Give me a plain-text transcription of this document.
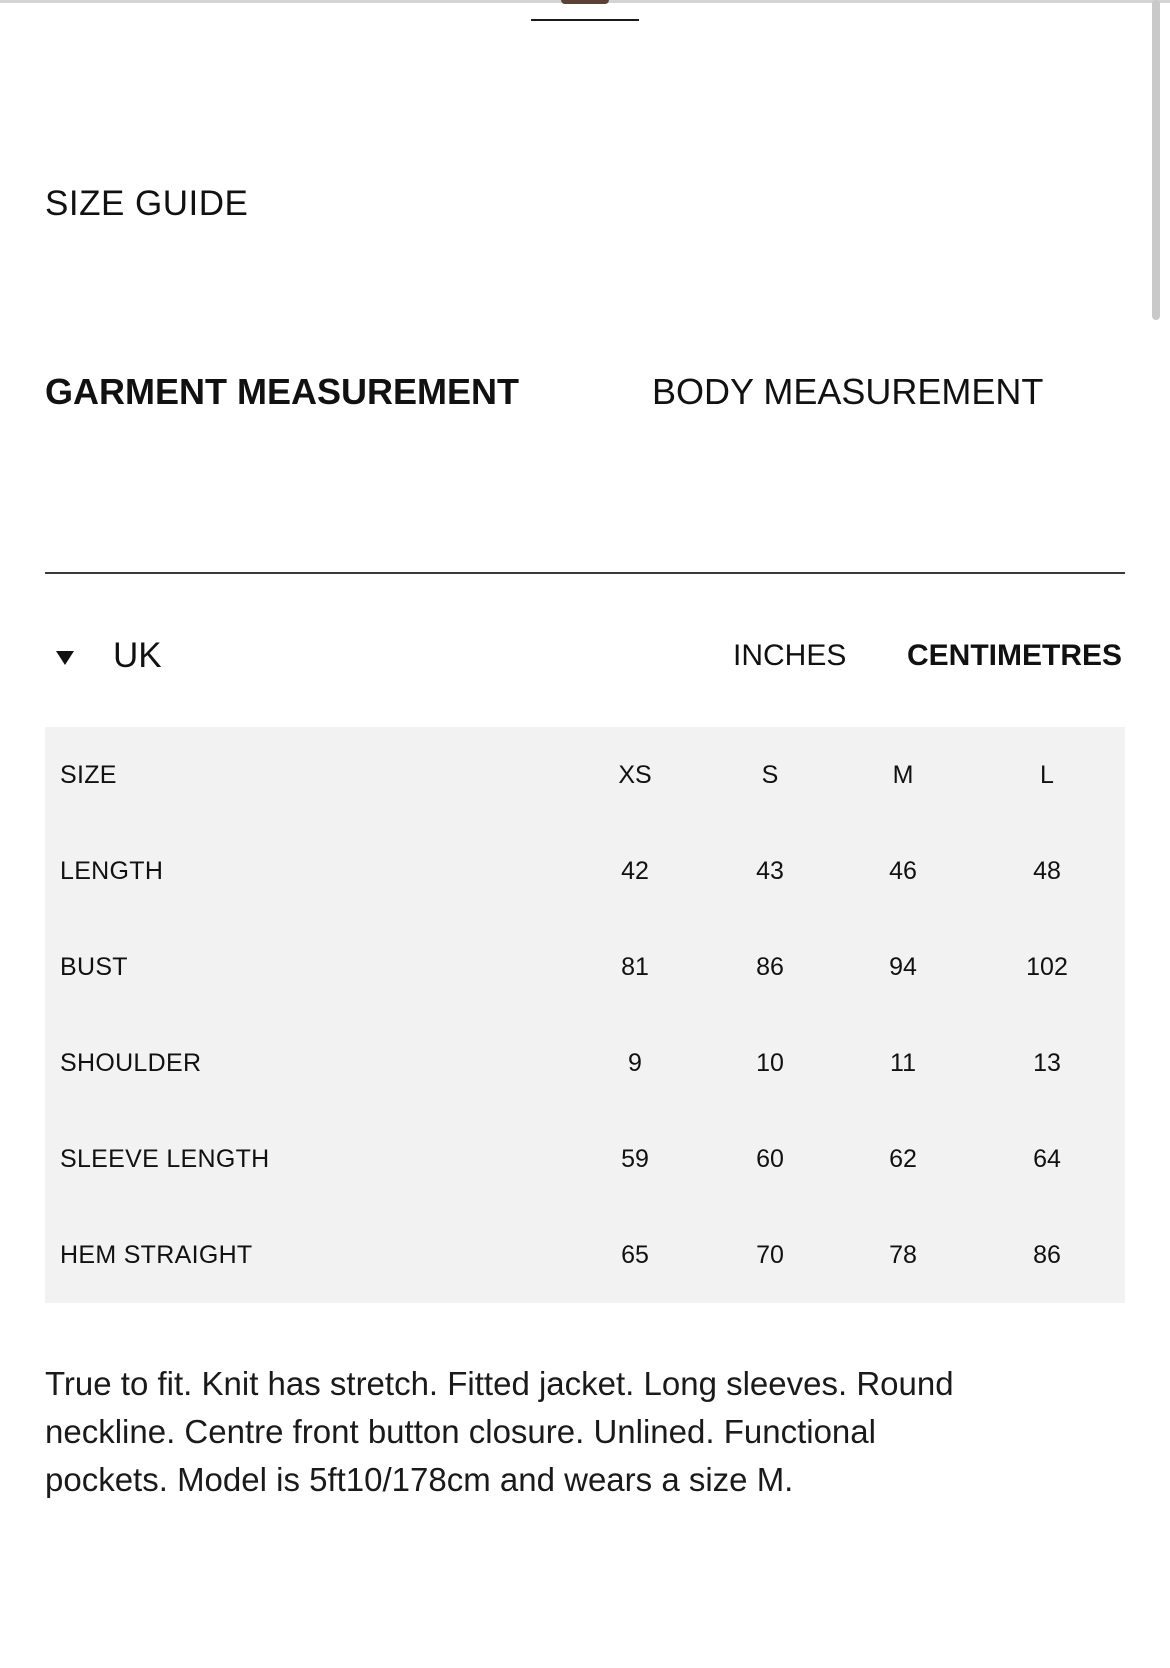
SIZE GUIDE
GARMENT MEASUREMENT	BODY MEASUREMENT
UK	INCHES CENTIMETRES
SIZE	XS	S	M	L
LENGTH	42	43	46	48
BUST	81	86	94	102
SHOULDER	9	10	11	13
SLEEVE LENGTH	59	60	62	64
HEM STRAIGHT	65	70	78	86
True to fit. Knit has stretch. Fitted jacket. Long sleeves. Round neckline. Centre front button closure. Unlined. Functional pockets. Model is 5ft10/178cm and wears a size M.
